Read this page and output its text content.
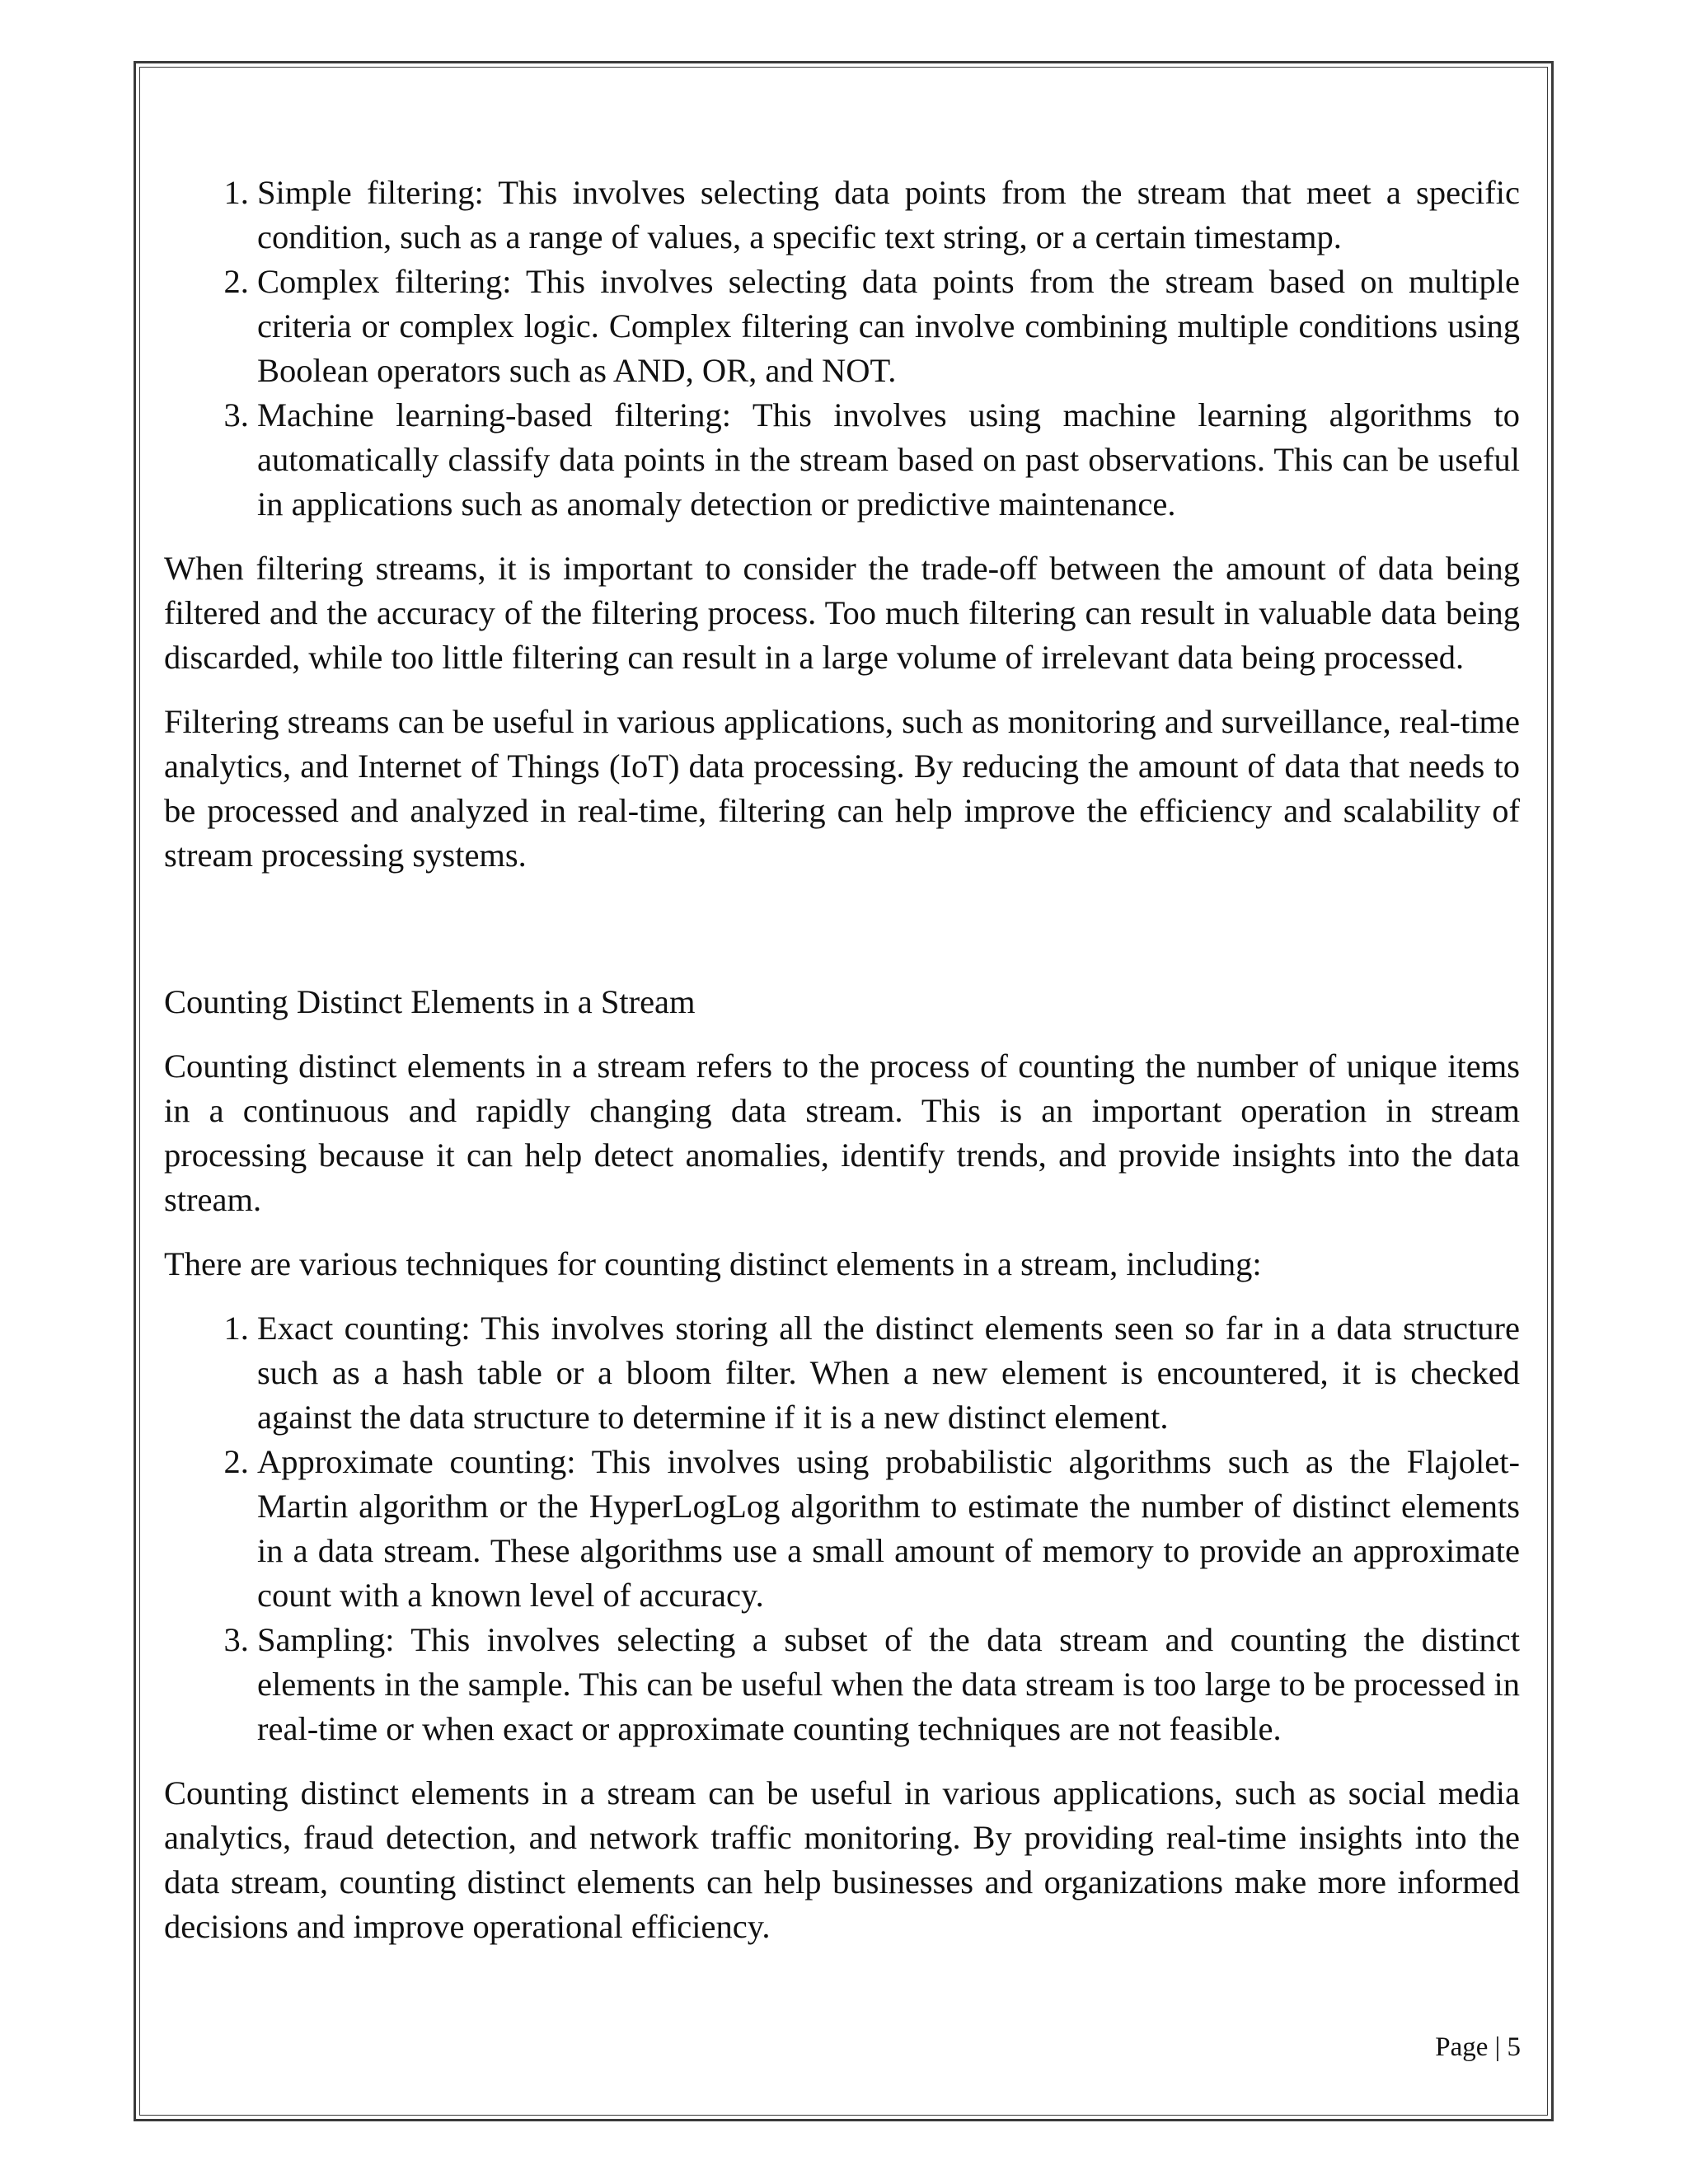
1. Simple filtering: This involves selecting data points from the stream that meet a specific condition, such as a range of values, a specific text string, or a certain timestamp.
2. Complex filtering: This involves selecting data points from the stream based on multiple criteria or complex logic. Complex filtering can involve combining multiple conditions using Boolean operators such as AND, OR, and NOT.
3. Machine learning-based filtering: This involves using machine learning algorithms to automatically classify data points in the stream based on past observations. This can be useful in applications such as anomaly detection or predictive maintenance.

When filtering streams, it is important to consider the trade-off between the amount of data being filtered and the accuracy of the filtering process. Too much filtering can result in valuable data being discarded, while too little filtering can result in a large volume of irrelevant data being processed.

Filtering streams can be useful in various applications, such as monitoring and surveillance, real-time analytics, and Internet of Things (IoT) data processing. By reducing the amount of data that needs to be processed and analyzed in real-time, filtering can help improve the efficiency and scalability of stream processing systems.

Counting Distinct Elements in a Stream

Counting distinct elements in a stream refers to the process of counting the number of unique items in a continuous and rapidly changing data stream. This is an important operation in stream processing because it can help detect anomalies, identify trends, and provide insights into the data stream.

There are various techniques for counting distinct elements in a stream, including:

1. Exact counting: This involves storing all the distinct elements seen so far in a data structure such as a hash table or a bloom filter. When a new element is encountered, it is checked against the data structure to determine if it is a new distinct element.
2. Approximate counting: This involves using probabilistic algorithms such as the Flajolet-Martin algorithm or the HyperLogLog algorithm to estimate the number of distinct elements in a data stream. These algorithms use a small amount of memory to provide an approximate count with a known level of accuracy.
3. Sampling: This involves selecting a subset of the data stream and counting the distinct elements in the sample. This can be useful when the data stream is too large to be processed in real-time or when exact or approximate counting techniques are not feasible.

Counting distinct elements in a stream can be useful in various applications, such as social media analytics, fraud detection, and network traffic monitoring. By providing real-time insights into the data stream, counting distinct elements can help businesses and organizations make more informed decisions and improve operational efficiency.

Page | 5
